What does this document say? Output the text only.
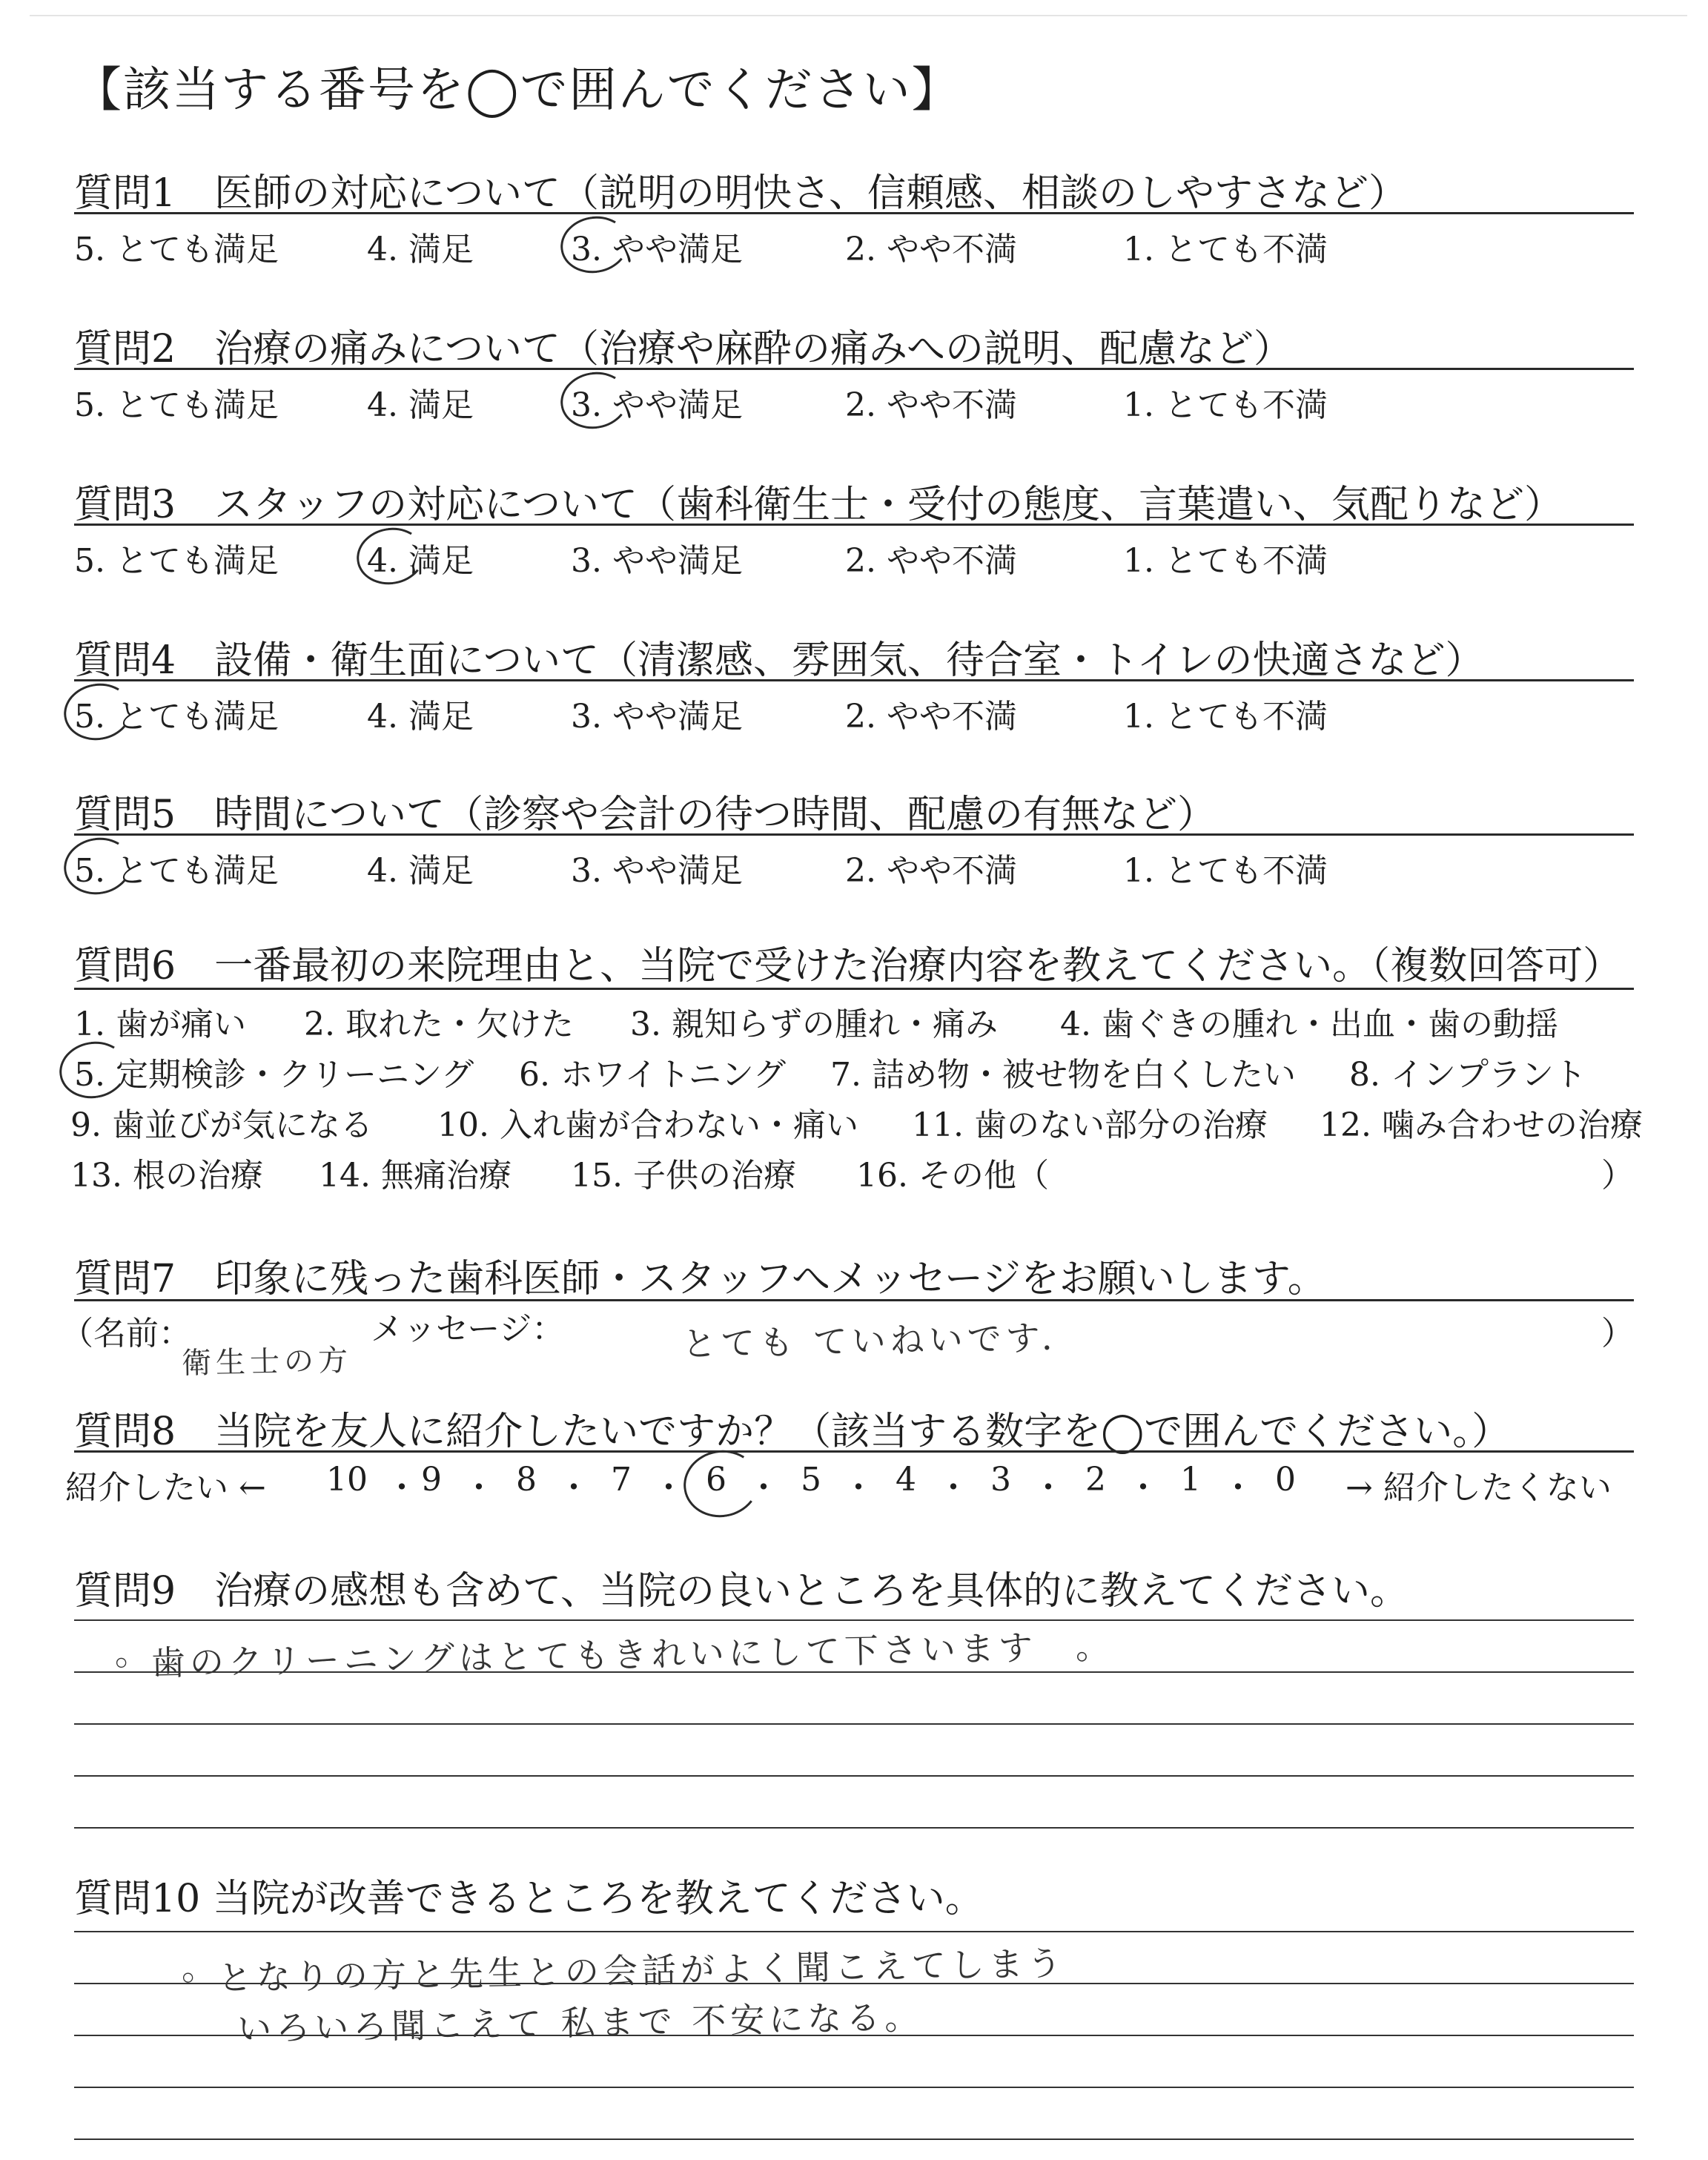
【該当する番号を◯で囲んでください】
質問1　医師の対応について（説明の明快さ、信頼感、相談のしやすさなど）
5. とても満足	4. 満足	3. やや満足	2. やや不満	1. とても不満
質問2　治療の痛みについて（治療や麻酔の痛みへの説明、配慮など）
5. とても満足	4. 満足	3. やや満足	2. やや不満	1. とても不満
質問3　スタッフの対応について（歯科衛生士・受付の態度、言葉遣い、気配りなど）
5. とても満足	4. 満足	3. やや満足	2. やや不満	1. とても不満
質問4　設備・衛生面について（清潔感、雰囲気、待合室・トイレの快適さなど）
5. とても満足	4. 満足	3. やや満足	2. やや不満	1. とても不満
質問5　時間について（診察や会計の待つ時間、配慮の有無など）
5. とても満足	4. 満足	3. やや満足	2. やや不満	1. とても不満
質問6　一番最初の来院理由と、当院で受けた治療内容を教えてください。（複数回答可）
1. 歯が痛い 2. 取れた・欠けた 3. 親知らずの腫れ・痛み 4. 歯ぐきの腫れ・出血・歯の動揺
5. 定期検診・クリーニング 6. ホワイトニング 7. 詰め物・被せ物を白くしたい 8. インプラント
9. 歯並びが気になる 10. 入れ歯が合わない・痛い 11. 歯のない部分の治療 12. 噛み合わせの治療
13. 根の治療 14. 無痛治療 15. 子供の治療 16. その他（	）
質問7　印象に残った歯科医師・スタッフへメッセージをお願いします。
（名前：	メッセージ：	）
衛生士の方	とても ていねいです．
質問8　当院を友人に紹介したいですか？（該当する数字を◯で囲んでください。）
紹介したい ←	→ 紹介したくない
10 ・ 9 ・ 8 ・ 7 ・ 6 ・ 5 ・ 4 ・ 3 ・ 2 ・ 1 ・ 0
質問9　治療の感想も含めて、当院の良いところを具体的に教えてください。
◦ 歯のクリーニングはとてもきれいにして下さいます　。
質問10 当院が改善できるところを教えてください。
◦ となりの方と先生との会話がよく聞こえてしまう
いろいろ聞こえて 私まで 不安になる。
